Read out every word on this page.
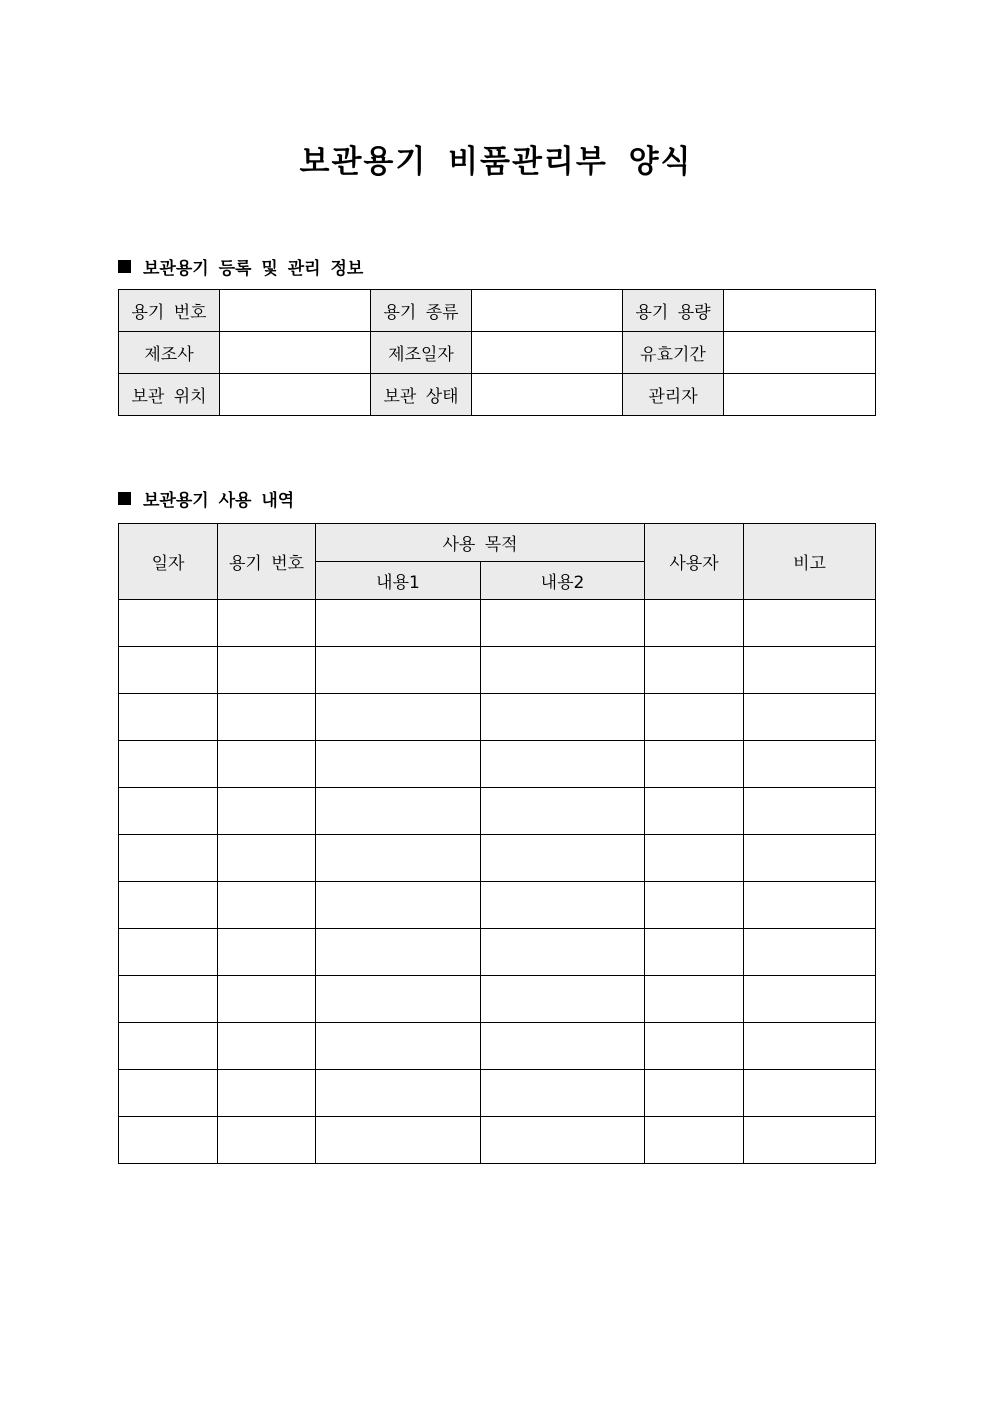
보관용기 비품관리부 양식
보관용기 등록 및 관리 정보
용기 번호		용기 종류		용기 용량	
제조사		제조일자		유효기간	
보관 위치		보관 상태		관리자	
보관용기 사용 내역
일자	용기 번호	사용 목적		사용자	비고
		내용1	내용2		
